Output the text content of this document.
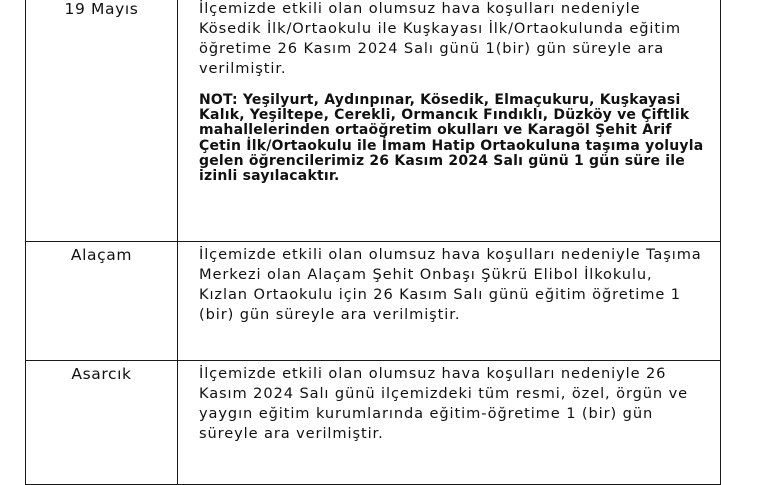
19 Mayıs	İlçemizde etkili olan olumsuz hava koşulları nedeniyle Kösedik İlk/Ortaokulu ile Kuşkayası İlk/Ortaokulunda eğitim öğretime 26 Kasım 2024 Salı günü 1(bir) gün süreyle ara verilmiştir.

NOT: Yeşilyurt, Aydınpınar, Kösedik, Elmaçukuru, Kuşkayasi Kalık, Yeşiltepe, Cerekli, Ormancık Fındıklı, Düzköy ve Çiftlik mahallelerinden ortaöğretim okulları ve Karagöl Şehit Arif Çetin İlk/Ortaokulu ile İmam Hatip Ortaokuluna taşıma yoluyla gelen öğrencilerimiz 26 Kasım 2024 Salı günü 1 gün süre ile izinli sayılacaktır.

Alaçam	İlçemizde etkili olan olumsuz hava koşulları nedeniyle Taşıma Merkezi olan Alaçam Şehit Onbaşı Şükrü Elibol İlkokulu, Kızlan Ortaokulu için 26 Kasım Salı günü eğitim öğretime 1 (bir) gün süreyle ara verilmiştir.

Asarcık	İlçemizde etkili olan olumsuz hava koşulları nedeniyle 26 Kasım 2024 Salı günü ilçemizdeki tüm resmi, özel, örgün ve yaygın eğitim kurumlarında eğitim-öğretime 1 (bir) gün süreyle ara verilmiştir.
